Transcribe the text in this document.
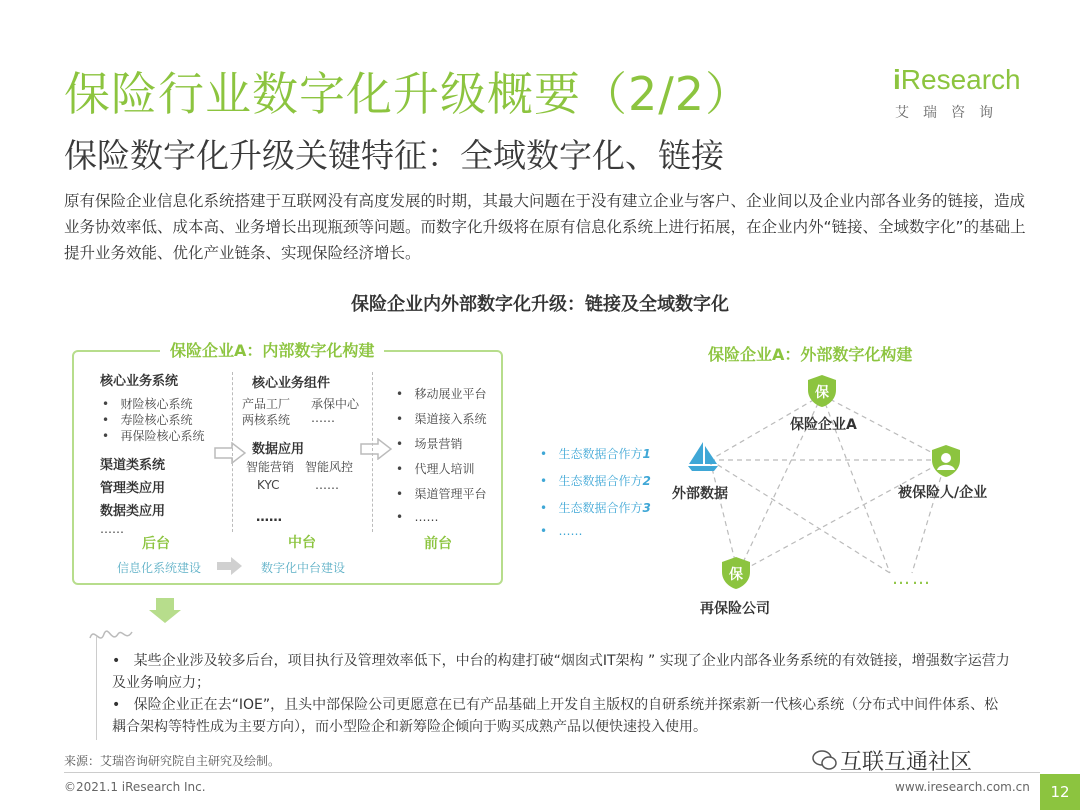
保险行业数字化升级概要（2/2）
保险数字化升级关键特征：全域数字化、链接
iResearch
艾瑞咨询
原有保险企业信息化系统搭建于互联网没有高度发展的时期，其最大问题在于没有建立企业与客户、企业间以及企业内部各业务的链接，造成业务协效率低、成本高、业务增长出现瓶颈等问题。而数字化升级将在原有信息化系统上进行拓展，在企业内外“链接、全域数字化”的基础上提升业务效能、优化产业链条、实现保险经济增长。
保险企业内外部数字化升级：链接及全域数字化
保险企业A：内部数字化构建
核心业务系统
•   财险核心系统
•   寿险核心系统
•   再保险核心系统
渠道类系统
管理类应用
数据类应用
……
后台
核心业务组件
产品工厂 承保中心
两核系统 ……
数据应用
智能营销 智能风控
KYC	……
……
中台
•   移动展业平台
•   渠道接入系统
•   场景营销
•   代理人培训
•   渠道管理平台
•   ……
前台
信息化系统建设	数字化中台建设
保险企业A：外部数字化构建
保
保险企业A
外部数据	被保险人/企业
保
再保险公司
……
•   生态数据合作方1
•   生态数据合作方2
•   生态数据合作方3
•   ……
•   某些企业涉及较多后台，项目执行及管理效率低下，中台的构建打破“烟囱式IT架构 ” 实现了企业内部各业务系统的有效链接，增强数字运营力及业务响应力；
•   保险企业正在去“IOE”，且头中部保险公司更愿意在已有产品基础上开发自主版权的自研系统并探索新一代核心系统（分布式中间件体系、松耦合架构等特性成为主要方向），而小型险企和新筹险企倾向于购买成熟产品以便快速投入使用。
来源：艾瑞咨询研究院自主研究及绘制。
©2021.1 iResearch Inc.	www.iresearch.com.cn	12
互联互通社区
